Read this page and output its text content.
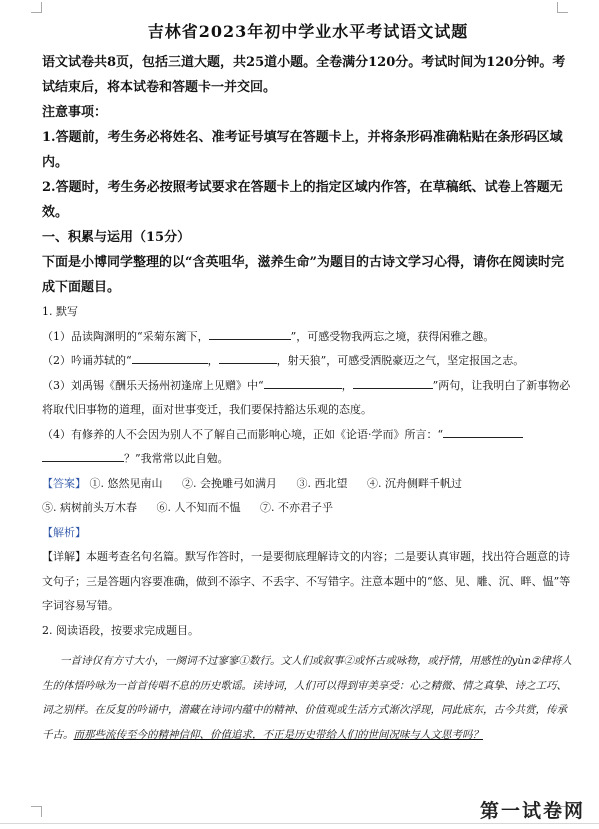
吉林省2023年初中学业水平考试语文试题

语文试卷共8页，包括三道大题，共25道小题。全卷满分120分。考试时间为120分钟。考试结束后，将本试卷和答题卡一并交回。

注意事项：

1.答题前，考生务必将姓名、准考证号填写在答题卡上，并将条形码准确粘贴在条形码区域内。

2.答题时，考生务必按照考试要求在答题卡上的指定区域内作答，在草稿纸、试卷上答题无效。

一、积累与运用（15分）

下面是小博同学整理的以“含英咀华，滋养生命”为题目的古诗文学习心得，请你在阅读时完成下面题目。

1. 默写

（1）品读陶渊明的“采菊东篱下，	”，可感受物我两忘之境，获得闲雅之趣。

（2）吟诵苏轼的“	，	，射天狼”，可感受洒脱豪迈之气，坚定报国之志。

（3）刘禹锡《酬乐天扬州初逢席上见赠》中“	，	”两句，让我明白了新事物必将取代旧事物的道理，面对世事变迁，我们要保持豁达乐观的态度。

（4）有修养的人不会因为别人不了解自己而影响心境，正如《论语·学而》所言：“？”我常常以此自勉。

【答案】 ①. 悠然见南山 ②. 会挽雕弓如满月 ③. 西北望 ④. 沉舟侧畔千帆过 ⑤. 病树前头万木春 ⑥. 人不知而不愠 ⑦. 不亦君子乎

【解析】

【详解】本题考查名句名篇。默写作答时，一是要彻底理解诗文的内容；二是要认真审题，找出符合题意的诗文句子；三是答题内容要准确，做到不添字、不丢字、不写错字。注意本题中的“悠、见、雕、沉、畔、愠”等字词容易写错。

2. 阅读语段，按要求完成题目。

一首诗仅有方寸大小，一阕词不过寥寥①数行。文人们或叙事②或怀古或咏物，或抒情，用感性的yùn②律将人生的体悟吟咏为一首首传唱不息的历史歌谣。读诗词，人们可以得到审美享受：心之精微、情之真挚、诗之工巧、词之别样。在反复的吟诵中，潜藏在诗词内蕴中的精神、价值观或生活方式渐次浮现，同此底东，古今共赏，传承千古。而那些流传至今的精神信仰、价值追求，不正是历史带给人们的世间况味与人文思考吗？

第一试卷网
